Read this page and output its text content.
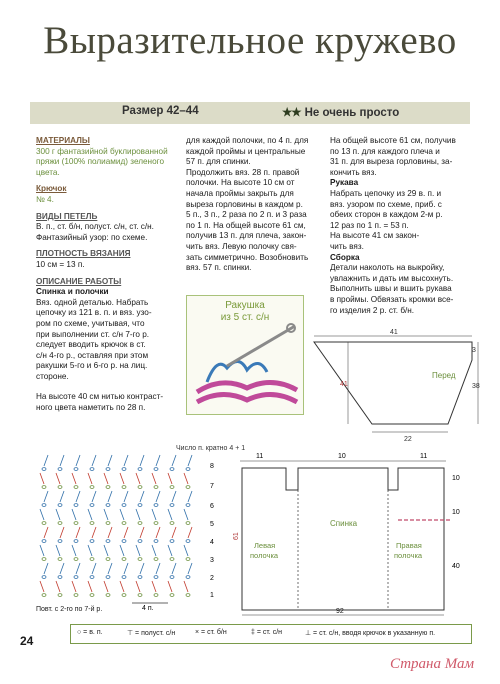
Выразительное кружево
Размер 42–44	★★ Не очень просто

МАТЕРИАЛЫ

300 г фантазийной буклированной пряжи (100% полиамид) зеленого цвета.

Крючок

№ 4.

ВИДЫ ПЕТЕЛЬ

В. п., ст. б/н, полуст. с/н, ст. с/н.

Фантазийный узор: по схеме.

ПЛОТНОСТЬ ВЯЗАНИЯ

10 см = 13 п.

ОПИСАНИЕ РАБОТЫ

Спинка и полочки

Вяз. одной деталью. Набрать

цепочку из 121 в. п. и вяз. узо-

ром по схеме, учитывая, что

при выполнении ст. с/н 7-го р.

следует вводить крючок в ст.

с/н 4-го р., оставляя при этом

ракушки 5-го и 6-го р. на лиц.

стороне.

На высоте 40 см нитью контраст-

ного цвета наметить по 28 п.

для каждой полочки, по 4 п. для

каждой проймы и центральные

57 п. для спинки.

Продолжить вяз. 28 п. правой

полочки. На высоте 10 см от

начала проймы закрыть для

выреза горловины в каждом р.

5 п., 3 п., 2 раза по 2 п. и 3 раза

по 1 п. На общей высоте 61 см,

получив 13 п. для плеча, закон-

чить вяз. Левую полочку свя-

зать симметрично. Возобновить

вяз. 57 п. спинки.

На общей высоте 61 см, получив

по 13 п. для каждого плеча и

31 п. для выреза горловины, за-

кончить вяз.

Рукава

Набрать цепочку из 29 в. п. и

вяз. узором по схеме, приб. с

обеих сторон в каждом 2-м р.

12 раз по 1 п. = 53 п.

На высоте 41 см закон-

чить вяз.

Сборка

Детали наколоть на выкройку,

увлажнить и дать им высохнуть.

Выполнить швы и вшить рукава

в проймы. Обвязать кромки все-

го изделия 2 р. ст. б/н.

Ракушка
из 5 ст. с/н
Число п. кратно 4 + 1
1
2
3
4
5
6
7
8
4 п.
Повт. с 2-го по 7-й р.
41
Перед
41	38
3
22
11	10	11
Спинка
Левая
полочка
Правая
полочка
61
10
10
40
92
24
○ = в. п.	⊤ = полуст. с/н	× = ст. б/н	‡ = ст. с/н	⊥ = ст. с/н, вводя крючок в указанную п.
Страна Мам
